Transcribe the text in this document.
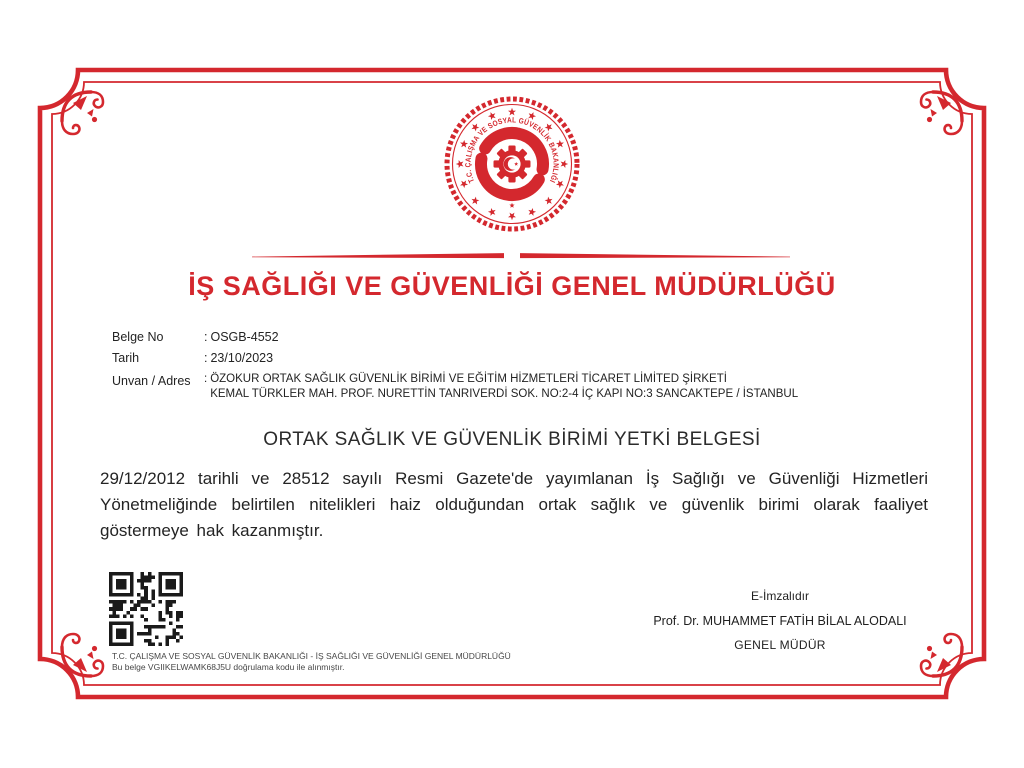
T.C. ÇALIŞMA VE SOSYAL GÜVENLİK BAKANLIĞI
İŞ SAĞLIĞI VE GÜVENLİĞİ GENEL MÜDÜRLÜĞÜ
Belge No	: OSGB-4552
Tarih	: 23/10/2023
Unvan / Adres	: ÖZOKUR ORTAK SAĞLIK GÜVENLİK BİRİMİ VE EĞİTİM HİZMETLERİ TİCARET LİMİTED ŞİRKETİ
KEMAL TÜRKLER MAH. PROF. NURETTİN TANRIVERDİ SOK. NO:2-4 İÇ KAPI NO:3 SANCAKTEPE / İSTANBUL
ORTAK SAĞLIK VE GÜVENLİK BİRİMİ YETKİ BELGESİ

29/12/2012 tarihli ve 28512 sayılı Resmi Gazete'de yayımlanan İş Sağlığı ve Güvenliği Hizmetleri Yönetmeliğinde belirtilen nitelikleri haiz olduğundan ortak sağlık ve güvenlik birimi olarak faaliyet göstermeye hak kazanmıştır.

T.C. ÇALIŞMA VE SOSYAL GÜVENLİK BAKANLIĞI - İŞ SAĞLIĞI VE GÜVENLİĞİ GENEL MÜDÜRLÜĞÜ
Bu belge VGIIKELWAMK68J5U doğrulama kodu ile alınmıştır.

E-İmzalıdır

Prof. Dr. MUHAMMET FATİH BİLAL ALODALI

GENEL MÜDÜR
